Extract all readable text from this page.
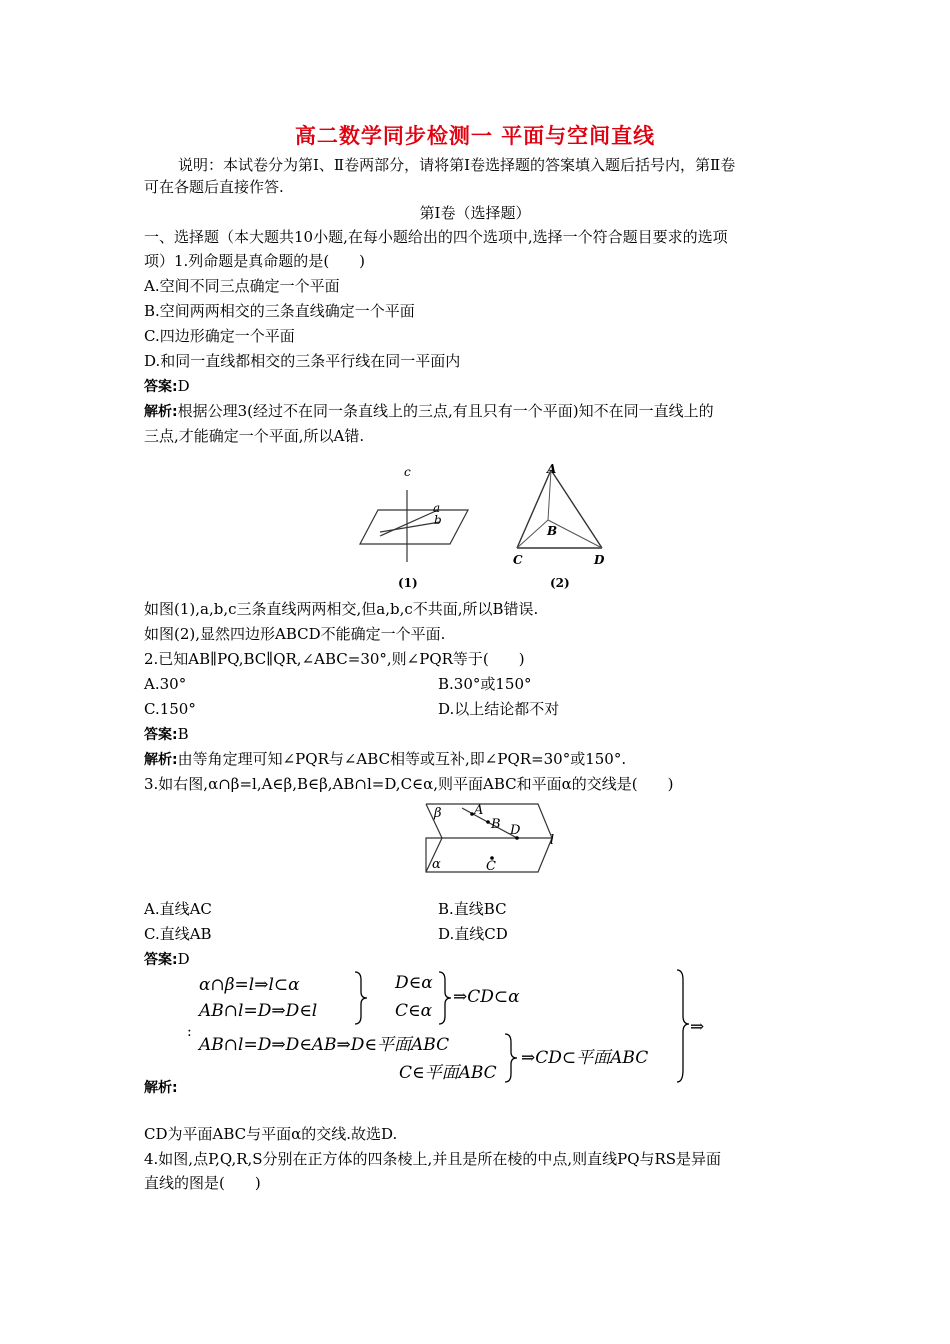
高二数学同步检测一 平面与空间直线
说明：本试卷分为第Ⅰ、Ⅱ卷两部分，请将第Ⅰ卷选择题的答案填入题后括号内，第Ⅱ卷
可在各题后直接作答.
第Ⅰ卷（选择题）
一、选择题（本大题共10小题,在每小题给出的四个选项中,选择一个符合题目要求的选项
项）1.列命题是真命题的是(　　)
A.空间不同三点确定一个平面
B.空间两两相交的三条直线确定一个平面
C.四边形确定一个平面
D.和同一直线都相交的三条平行线在同一平面内
答案:D
解析:根据公理3(经过不在同一条直线上的三点,有且只有一个平面)知不在同一直线上的
三点,才能确定一个平面,所以A错.
c
a
b
(1)
A
B
C	D
(2)
如图(1),a,b,c三条直线两两相交,但a,b,c不共面,所以B错误.
如图(2),显然四边形ABCD不能确定一个平面.
2.已知AB∥PQ,BC∥QR,∠ABC=30°,则∠PQR等于(　　)
A.30°	B.30°或150°
C.150°	D.以上结论都不对
答案:B
解析:由等角定理可知∠PQR与∠ABC相等或互补,即∠PQR=30°或150°.
3.如右图,α∩β=l,A∈β,B∈β,AB∩l=D,C∈α,则平面ABC和平面α的交线是(　　)
β A
B D
l
α	C
A.直线AC	B.直线BC
C.直线AB	D.直线CD
答案:D
α∩β=l⇒l⊂α
AB∩l=D⇒D∈l
D∈α
C∈α
⇒CD⊂α
AB∩l=D⇒D∈AB⇒D∈平面ABC
C∈平面ABC
⇒CD⊂平面ABC
⇒
:
解析:
CD为平面ABC与平面α的交线.故选D.
4.如图,点P,Q,R,S分别在正方体的四条棱上,并且是所在棱的中点,则直线PQ与RS是异面
直线的图是(　　)
